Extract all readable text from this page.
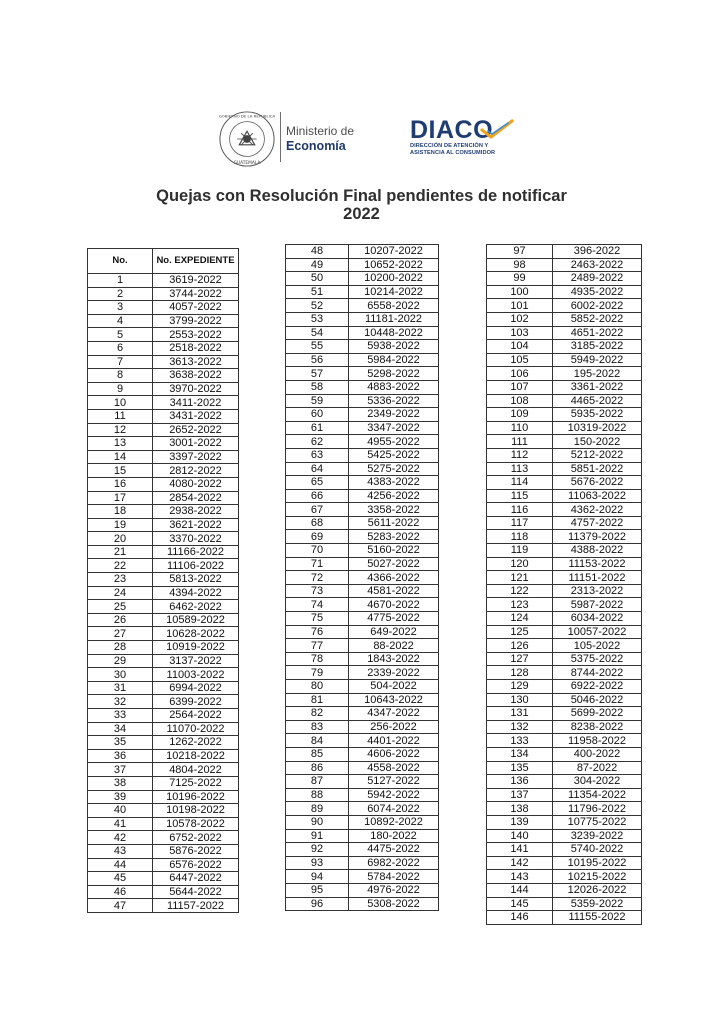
GOBIERNO DE LA REPÚBLICA
GUATEMALA
Ministerio de
Economía
DIACO
DIRECCIÓN DE ATENCIÓN Y
ASISTENCIA AL CONSUMIDOR
Quejas con Resolución Final pendientes de notificar
2022
No.	No. EXPEDIENTE
1	3619-2022
2	3744-2022
3	4057-2022
4	3799-2022
5	2553-2022
6	2518-2022
7	3613-2022
8	3638-2022
9	3970-2022
10	3411-2022
11	3431-2022
12	2652-2022
13	3001-2022
14	3397-2022
15	2812-2022
16	4080-2022
17	2854-2022
18	2938-2022
19	3621-2022
20	3370-2022
21	11166-2022
22	11106-2022
23	5813-2022
24	4394-2022
25	6462-2022
26	10589-2022
27	10628-2022
28	10919-2022
29	3137-2022
30	11003-2022
31	6994-2022
32	6399-2022
33	2564-2022
34	11070-2022
35	1262-2022
36	10218-2022
37	4804-2022
38	7125-2022
39	10196-2022
40	10198-2022
41	10578-2022
42	6752-2022
43	5876-2022
44	6576-2022
45	6447-2022
46	5644-2022
47	11157-2022
48	10207-2022
49	10652-2022
50	10200-2022
51	10214-2022
52	6558-2022
53	11181-2022
54	10448-2022
55	5938-2022
56	5984-2022
57	5298-2022
58	4883-2022
59	5336-2022
60	2349-2022
61	3347-2022
62	4955-2022
63	5425-2022
64	5275-2022
65	4383-2022
66	4256-2022
67	3358-2022
68	5611-2022
69	5283-2022
70	5160-2022
71	5027-2022
72	4366-2022
73	4581-2022
74	4670-2022
75	4775-2022
76	649-2022
77	88-2022
78	1843-2022
79	2339-2022
80	504-2022
81	10643-2022
82	4347-2022
83	256-2022
84	4401-2022
85	4606-2022
86	4558-2022
87	5127-2022
88	5942-2022
89	6074-2022
90	10892-2022
91	180-2022
92	4475-2022
93	6982-2022
94	5784-2022
95	4976-2022
96	5308-2022
97	396-2022
98	2463-2022
99	2489-2022
100	4935-2022
101	6002-2022
102	5852-2022
103	4651-2022
104	3185-2022
105	5949-2022
106	195-2022
107	3361-2022
108	4465-2022
109	5935-2022
110	10319-2022
111	150-2022
112	5212-2022
113	5851-2022
114	5676-2022
115	11063-2022
116	4362-2022
117	4757-2022
118	11379-2022
119	4388-2022
120	11153-2022
121	11151-2022
122	2313-2022
123	5987-2022
124	6034-2022
125	10057-2022
126	105-2022
127	5375-2022
128	8744-2022
129	6922-2022
130	5046-2022
131	5699-2022
132	8238-2022
133	11958-2022
134	400-2022
135	87-2022
136	304-2022
137	11354-2022
138	11796-2022
139	10775-2022
140	3239-2022
141	5740-2022
142	10195-2022
143	10215-2022
144	12026-2022
145	5359-2022
146	11155-2022
